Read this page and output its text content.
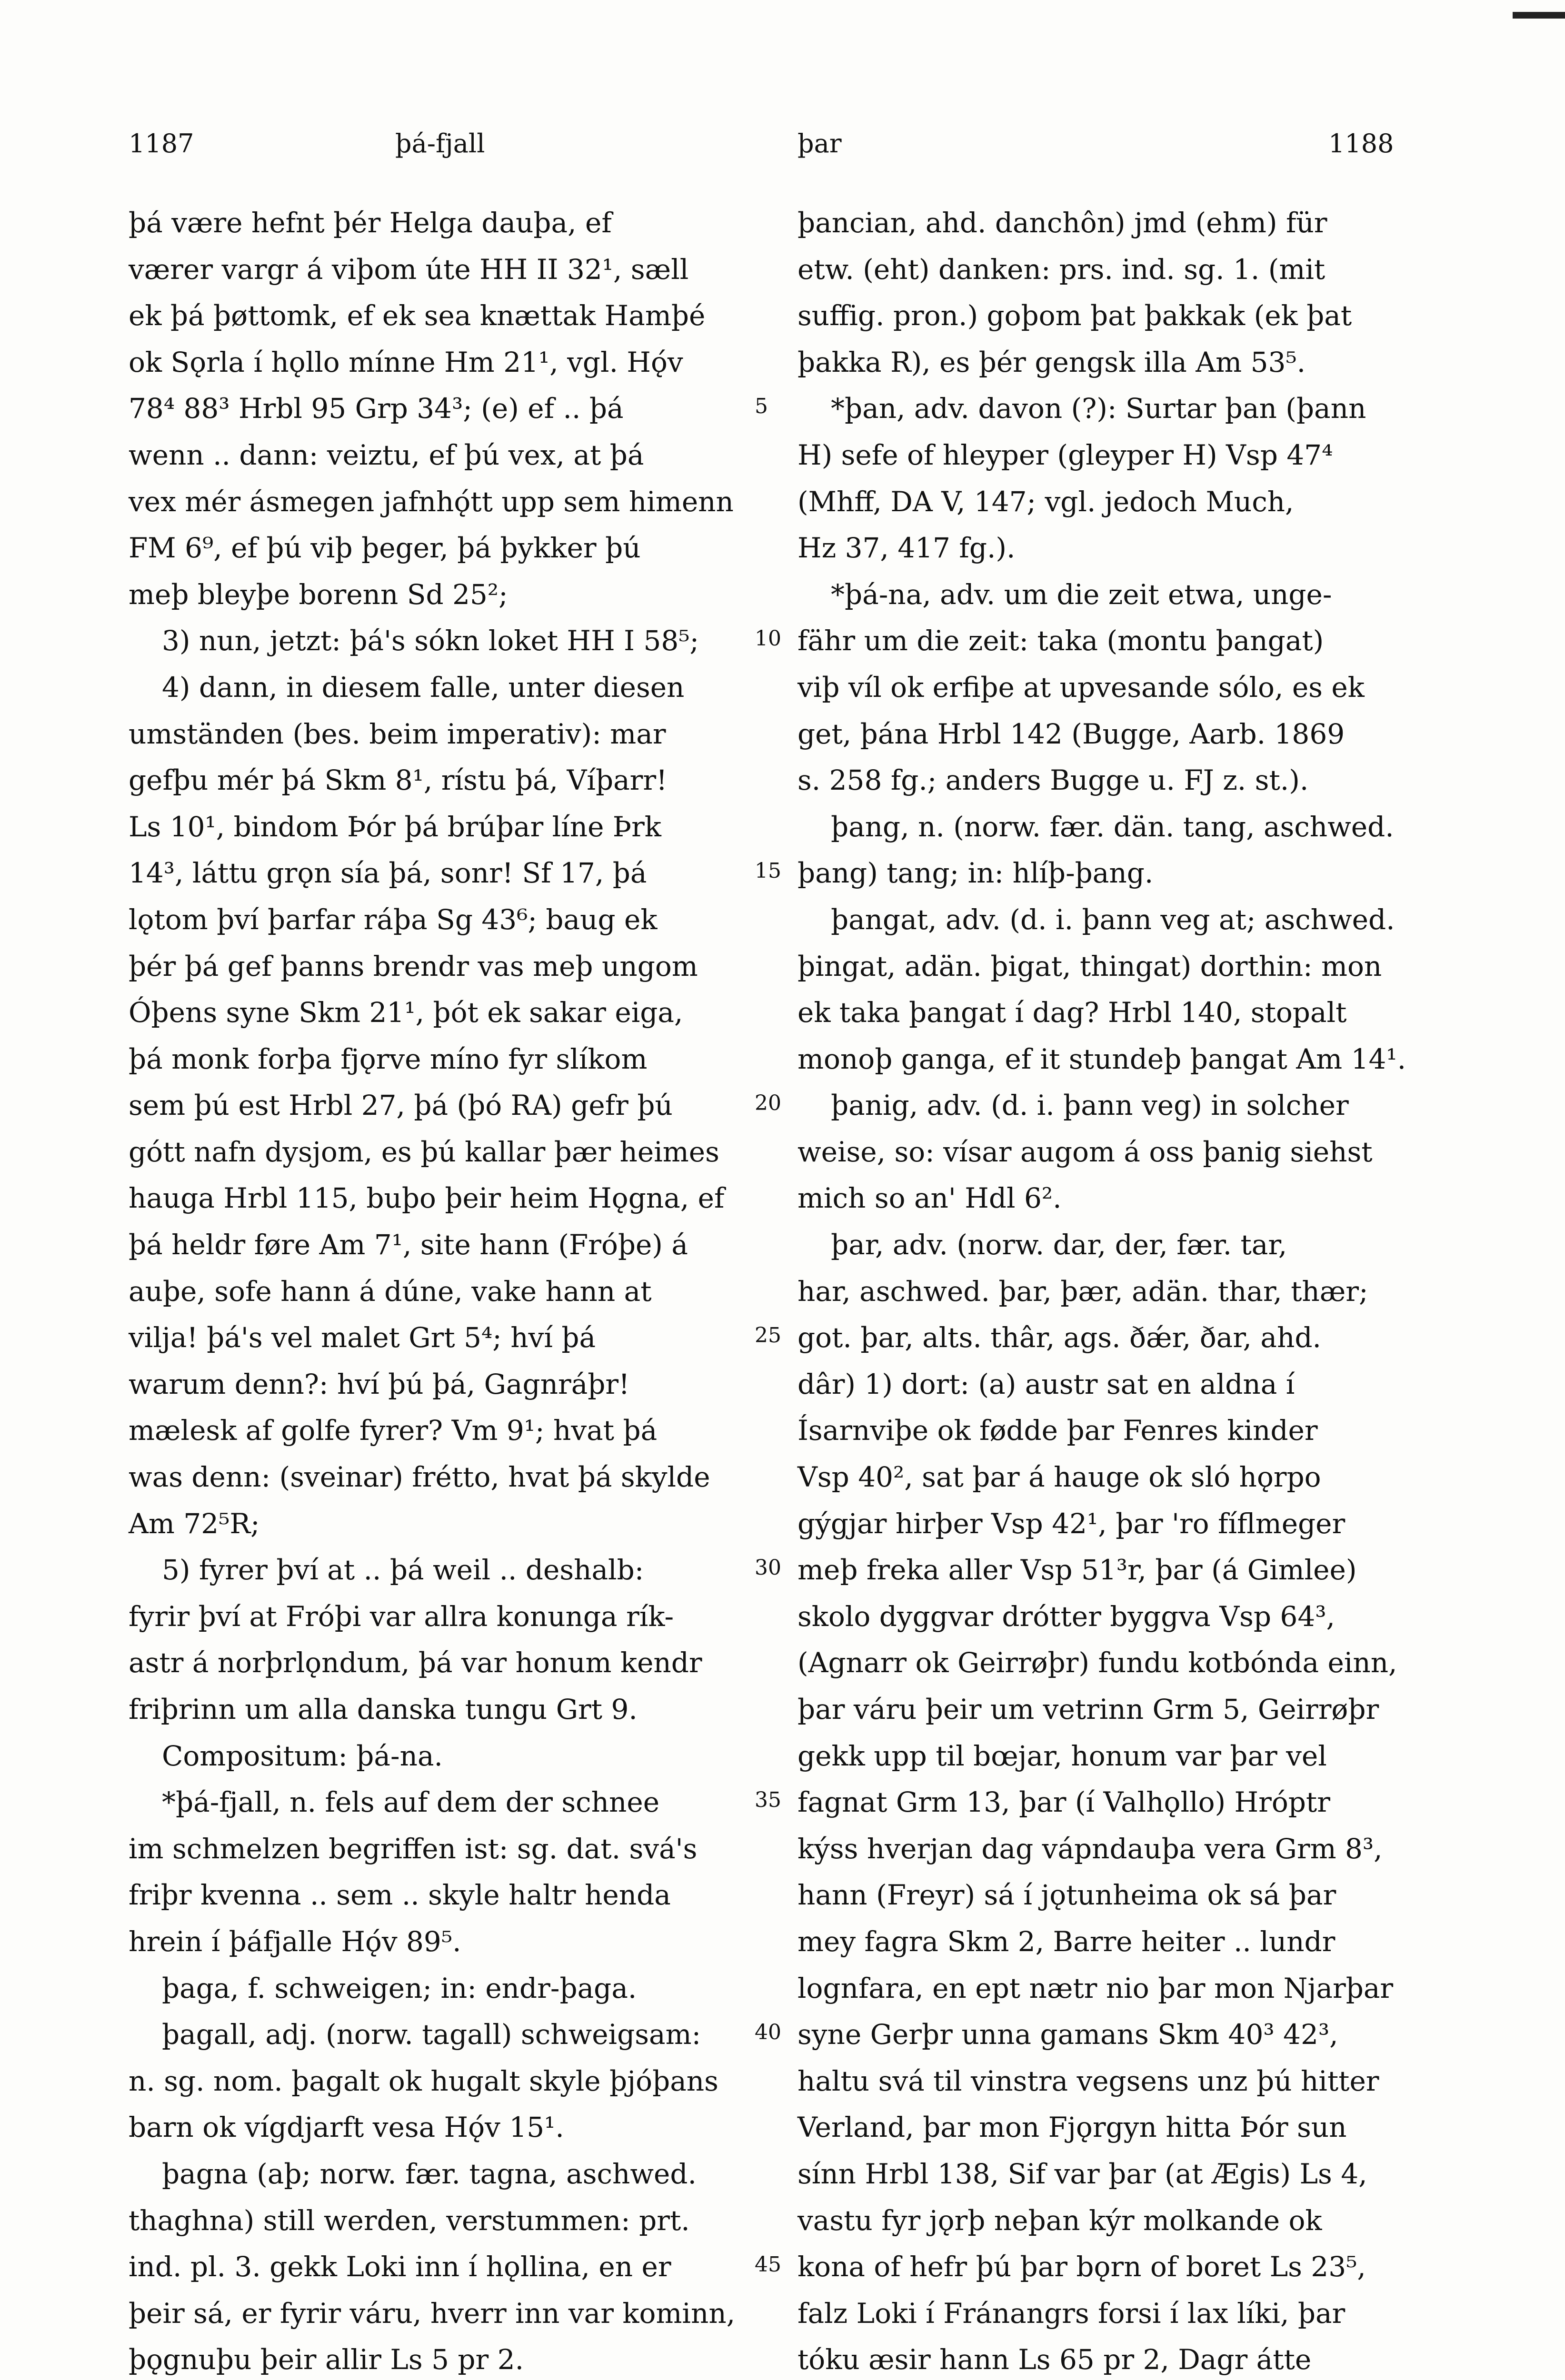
1187	þá-fjall	þar	1188
þá være hefnt þér Helga dauþa, ef
værer vargr á viþom úte HH II 32¹, sæll
ek þá þøttomk, ef ek sea knættak Hamþé
ok Sǫrla í hǫllo mínne Hm 21¹, vgl. Hǫ́v
78⁴ 88³ Hrbl 95 Grp 34³; (e) ef .. þá
wenn .. dann: veiztu, ef þú vex, at þá
vex mér ásmegen jafnhǫ́tt upp sem himenn
FM 6⁹, ef þú viþ þeger, þá þykker þú
meþ bleyþe borenn Sd 25²;
3) nun, jetzt: þá's sókn loket HH I 58⁵;
4) dann, in diesem falle, unter diesen
umständen (bes. beim imperativ): mar
gefþu mér þá Skm 8¹, rístu þá, Víþarr!
Ls 10¹, bindom Þór þá brúþar líne Þrk
14³, láttu grǫn sía þá, sonr! Sf 17, þá
lǫtom því þarfar ráþa Sg 43⁶; baug ek
þér þá gef þanns brendr vas meþ ungom
Óþens syne Skm 21¹, þót ek sakar eiga,
þá monk forþa fjǫrve míno fyr slíkom
sem þú est Hrbl 27, þá (þó RA) gefr þú
gótt nafn dysjom, es þú kallar þær heimes
hauga Hrbl 115, buþo þeir heim Hǫgna, ef
þá heldr føre Am 7¹, site hann (Fróþe) á
auþe, sofe hann á dúne, vake hann at
vilja! þá's vel malet Grt 5⁴; hví þá
warum denn?: hví þú þá, Gagnráþr!
mælesk af golfe fyrer? Vm 9¹; hvat þá
was denn: (sveinar) frétto, hvat þá skylde
Am 72⁵R;
5) fyrer því at .. þá weil .. deshalb:
fyrir því at Fróþi var allra konunga rík-
astr á norþrlǫndum, þá var honum kendr
friþrinn um alla danska tungu Grt 9.
Compositum: þá-na.
*þá-fjall, n. fels auf dem der schnee
im schmelzen begriffen ist: sg. dat. svá's
friþr kvenna .. sem .. skyle haltr henda
hrein í þáfjalle Hǫ́v 89⁵.
þaga, f. schweigen; in: endr-þaga.
þagall, adj. (norw. tagall) schweigsam:
n. sg. nom. þagalt ok hugalt skyle þjóþans
barn ok vígdjarft vesa Hǫ́v 15¹.
þagna (aþ; norw. fær. tagna, aschwed.
thaghna) still werden, verstummen: prt.
ind. pl. 3. gekk Loki inn í hǫllina, en er
þeir sá, er fyrir váru, hverr inn var kominn,
þǫgnuþu þeir allir Ls 5 pr 2.
þancian, ahd. danchôn) jmd (ehm) für
etw. (eht) danken: prs. ind. sg. 1. (mit
suffig. pron.) goþom þat þakkak (ek þat
þakka R), es þér gengsk illa Am 53⁵.
*þan, adv. davon (?): Surtar þan (þann
H) sefe of hleyper (gleyper H) Vsp 47⁴
(Mhff, DA V, 147; vgl. jedoch Much,
Hz 37, 417 fg.).
*þá-na, adv. um die zeit etwa, unge-
fähr um die zeit: taka (montu þangat)
viþ víl ok erfiþe at upvesande sólo, es ek
get, þána Hrbl 142 (Bugge, Aarb. 1869
s. 258 fg.; anders Bugge u. FJ z. st.).
þang, n. (norw. fær. dän. tang, aschwed.
þang) tang; in: hlíþ-þang.
þangat, adv. (d. i. þann veg at; aschwed.
þingat, adän. þigat, thingat) dorthin: mon
ek taka þangat í dag? Hrbl 140, stopalt
monoþ ganga, ef it stundeþ þangat Am 14¹.
þanig, adv. (d. i. þann veg) in solcher
weise, so: vísar augom á oss þanig siehst
mich so an' Hdl 6².
þar, adv. (norw. dar, der, fær. tar,
har, aschwed. þar, þær, adän. thar, thær;
got. þar, alts. thâr, ags. ðǽr, ðar, ahd.
dâr) 1) dort: (a) austr sat en aldna í
Ísarnviþe ok fødde þar Fenres kinder
Vsp 40², sat þar á hauge ok sló hǫrpo
gýgjar hirþer Vsp 42¹, þar 'ro fíflmeger
meþ freka aller Vsp 51³r, þar (á Gimlee)
skolo dyggvar drótter byggva Vsp 64³,
(Agnarr ok Geirrøþr) fundu kotbónda einn,
þar váru þeir um vetrinn Grm 5, Geirrøþr
gekk upp til bœjar, honum var þar vel
fagnat Grm 13, þar (í Valhǫllo) Hróptr
kýss hverjan dag vápndauþa vera Grm 8³,
hann (Freyr) sá í jǫtunheima ok sá þar
mey fagra Skm 2, Barre heiter .. lundr
lognfara, en ept nætr nio þar mon Njarþar
syne Gerþr unna gamans Skm 40³ 42³,
haltu svá til vinstra vegsens unz þú hitter
Verland, þar mon Fjǫrgyn hitta Þór sun
sínn Hrbl 138, Sif var þar (at Ægis) Ls 4,
vastu fyr jǫrþ neþan kýr molkande ok
kona of hefr þú þar bǫrn of boret Ls 23⁵,
falz Loki í Fránangrs forsi í lax líki, þar
tóku æsir hann Ls 65 pr 2, Dagr átte
5
10
15
20
25
30
35
40
45
